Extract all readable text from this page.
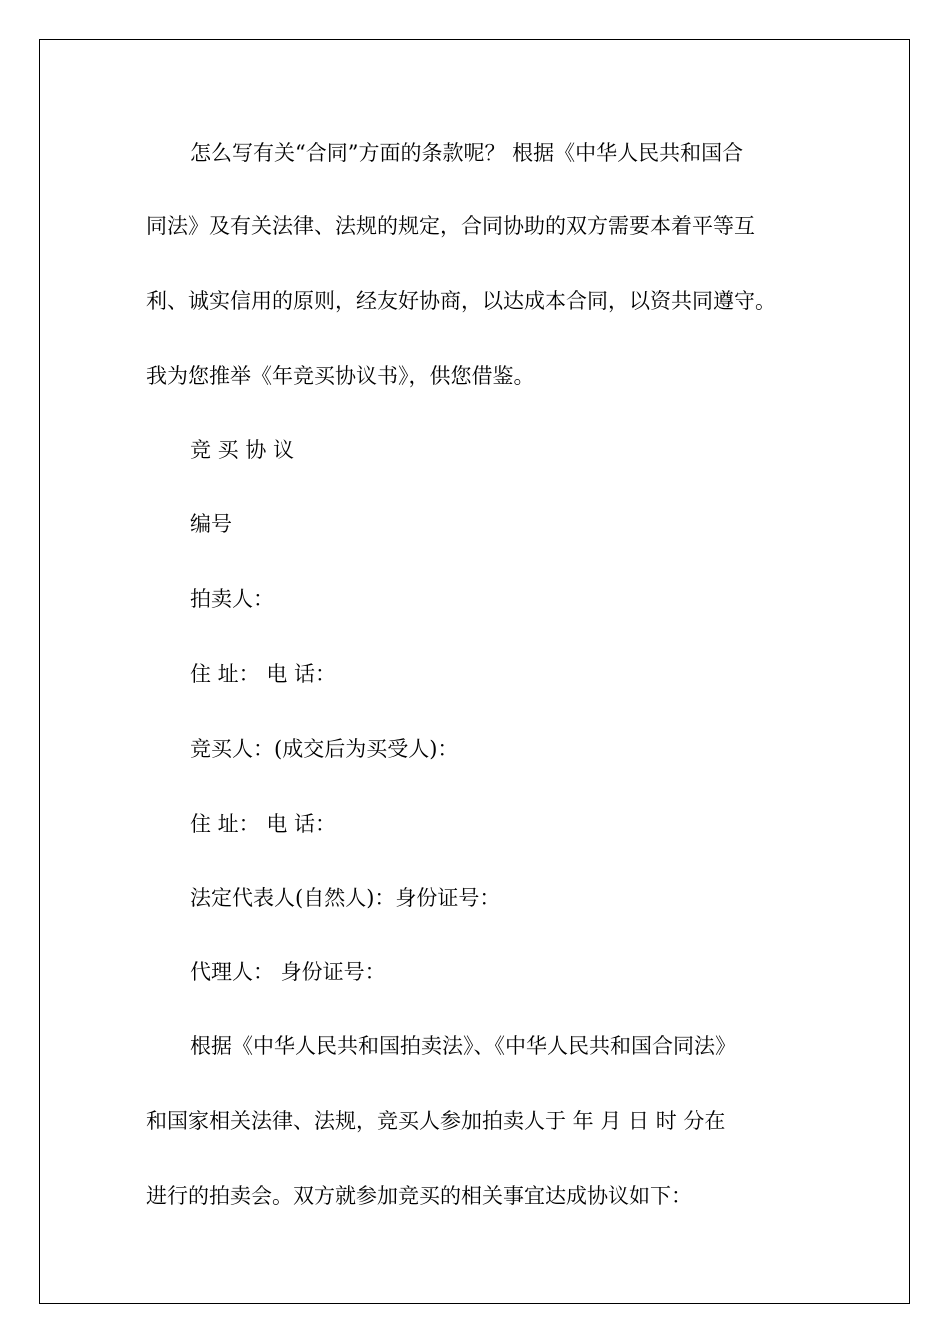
怎么写有关“合同”方面的条款呢？ 根据《中华人民共和国合
同法》及有关法律、法规的规定，合同协助的双方需要本着平等互
利、诚实信用的原则，经友好协商，以达成本合同，以资共同遵守。
我为您推举《年竞买协议书》，供您借鉴。
竞 买 协 议
编号
拍卖人：
住 址： 电 话：
竞买人：(成交后为买受人)：
住 址： 电 话：
法定代表人(自然人)：身份证号：
代理人： 身份证号：
根据《中华人民共和国拍卖法》、《中华人民共和国合同法》
和国家相关法律、法规，竞买人参加拍卖人于 年 月 日 时 分在
进行的拍卖会。双方就参加竞买的相关事宜达成协议如下：
